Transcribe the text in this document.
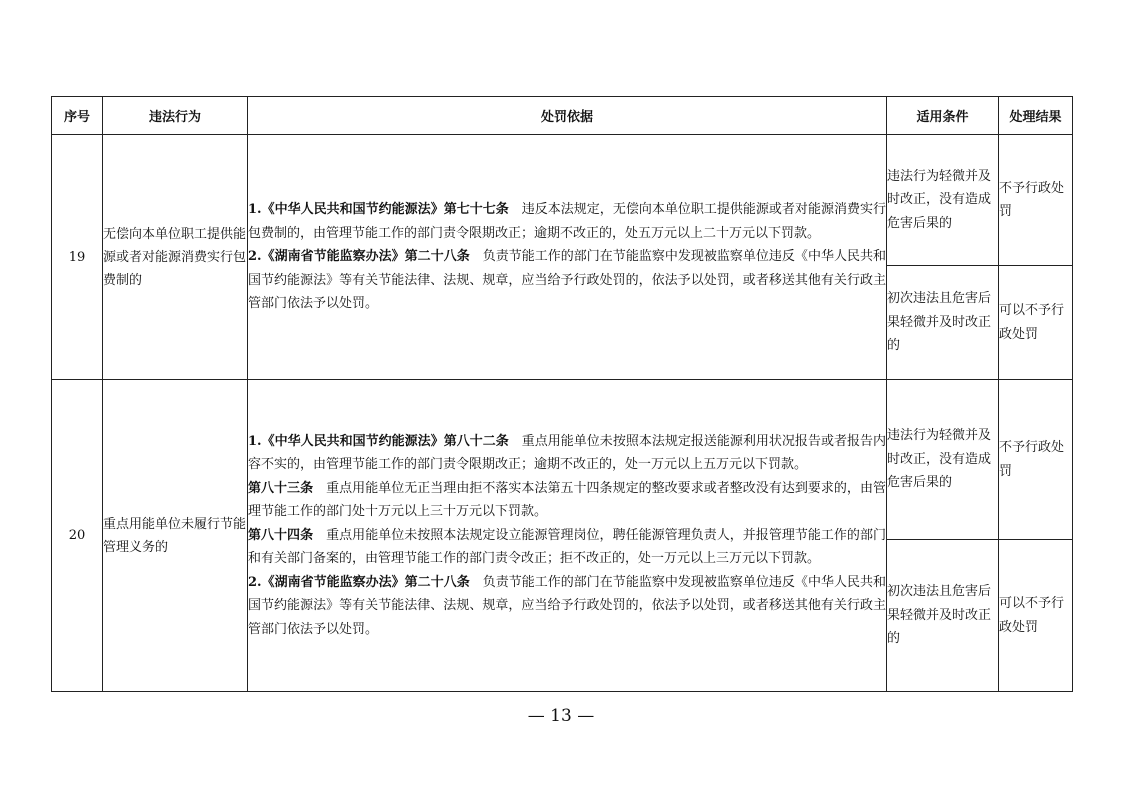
序号	违法行为	处罚依据	适用条件	处理结果
19	无偿向本单位职工提供能源或者对能源消费实行包费制的	1.《中华人民共和国节约能源法》第七十七条　违反本法规定，无偿向本单位职工提供能源或者对能源消费实行包费制的，由管理节能工作的部门责令限期改正；逾期不改正的，处五万元以上二十万元以下罚款。

2.《湖南省节能监察办法》第二十八条　负责节能工作的部门在节能监察中发现被监察单位违反《中华人民共和国节约能源法》等有关节能法律、法规、规章，应当给予行政处罚的，依法予以处罚，或者移送其他有关行政主管部门依法予以处罚。	违法行为轻微并及时改正，没有造成危害后果的	不予行政处罚
			初次违法且危害后果轻微并及时改正的	可以不予行政处罚
20	重点用能单位未履行节能管理义务的	1.《中华人民共和国节约能源法》第八十二条　重点用能单位未按照本法规定报送能源利用状况报告或者报告内容不实的，由管理节能工作的部门责令限期改正；逾期不改正的，处一万元以上五万元以下罚款。

第八十三条　重点用能单位无正当理由拒不落实本法第五十四条规定的整改要求或者整改没有达到要求的，由管理节能工作的部门处十万元以上三十万元以下罚款。

第八十四条　重点用能单位未按照本法规定设立能源管理岗位，聘任能源管理负责人，并报管理节能工作的部门和有关部门备案的，由管理节能工作的部门责令改正；拒不改正的，处一万元以上三万元以下罚款。

2.《湖南省节能监察办法》第二十八条　负责节能工作的部门在节能监察中发现被监察单位违反《中华人民共和国节约能源法》等有关节能法律、法规、规章，应当给予行政处罚的，依法予以处罚，或者移送其他有关行政主管部门依法予以处罚。	违法行为轻微并及时改正，没有造成危害后果的	不予行政处罚
			初次违法且危害后果轻微并及时改正的	可以不予行政处罚
— 13 —
